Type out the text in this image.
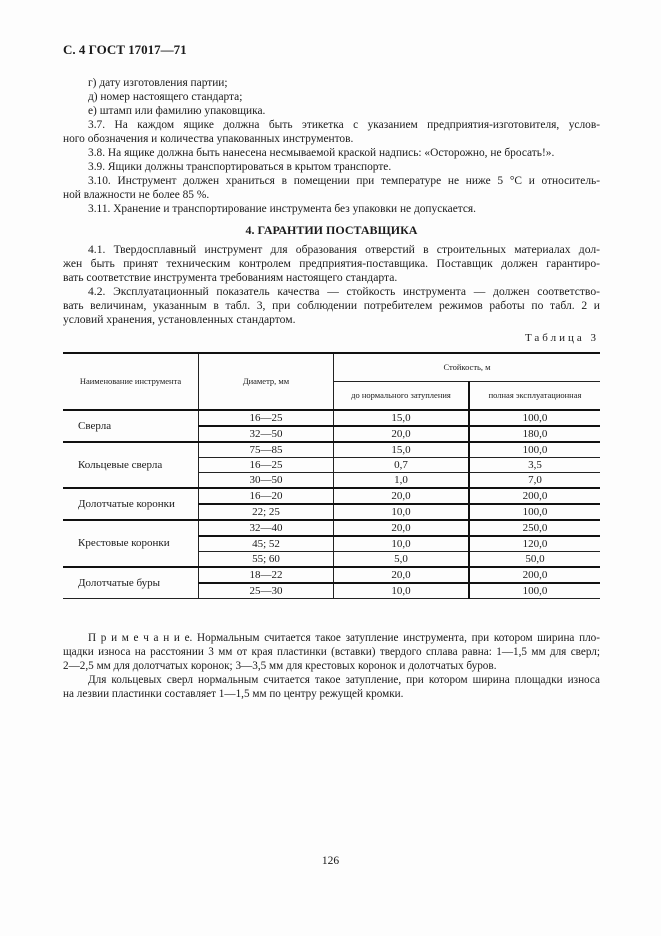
С. 4 ГОСТ 17017—71
г) дату изготовления партии;
д) номер настоящего стандарта;
е) штамп или фамилию упаковщика.
3.7. На каждом ящике должна быть этикетка с указанием предприятия-изготовителя, услов-
ного обозначения и количества упакованных инструментов.
3.8. На ящике должна быть нанесена несмываемой краской надпись: «Осторожно, не бросать!».
3.9. Ящики должны транспортироваться в крытом транспорте.
3.10. Инструмент должен храниться в помещении при температуре не ниже 5 °С и относитель-
ной влажности не более 85 %.
3.11. Хранение и транспортирование инструмента без упаковки не допускается.
4. ГАРАНТИИ ПОСТАВЩИКА
4.1. Твердосплавный инструмент для образования отверстий в строительных материалах дол-
жен быть принят техническим контролем предприятия-поставщика. Поставщик должен гарантиро-
вать соответствие инструмента требованиям настоящего стандарта.
4.2. Эксплуатационный показатель качества — стойкость инструмента — должен соответство-
вать величинам, указанным в табл. 3, при соблюдении потребителем режимов работы по табл. 2 и
условий хранения, установленных стандартом.
Таблица 3
Наименование инструмента	Диаметр, мм	Стойкость, м	
		до нормального затупления	полная эксплуатационная
Сверла	16—25	15,0	100,0
	32—50	20,0	180,0
Кольцевые сверла	75—85	15,0	100,0
	16—25	0,7	3,5
	30—50	1,0	7,0
Долотчатые коронки	16—20	20,0	200,0
	22; 25	10,0	100,0
Крестовые коронки	32—40	20,0	250,0
	45; 52	10,0	120,0
	55; 60	5,0	50,0
Долотчатые буры	18—22	20,0	200,0
	25—30	10,0	100,0
П р и м е ч а н и е. Нормальным считается такое затупление инструмента, при котором ширина пло-
щадки износа на расстоянии 3 мм от края пластинки (вставки) твердого сплава равна: 1—1,5 мм для сверл;
2—2,5 мм для долотчатых коронок; 3—3,5 мм для крестовых коронок и долотчатых буров.
Для кольцевых сверл нормальным считается такое затупление, при котором ширина площадки износа
на лезвии пластинки составляет 1—1,5 мм по центру режущей кромки.
126
